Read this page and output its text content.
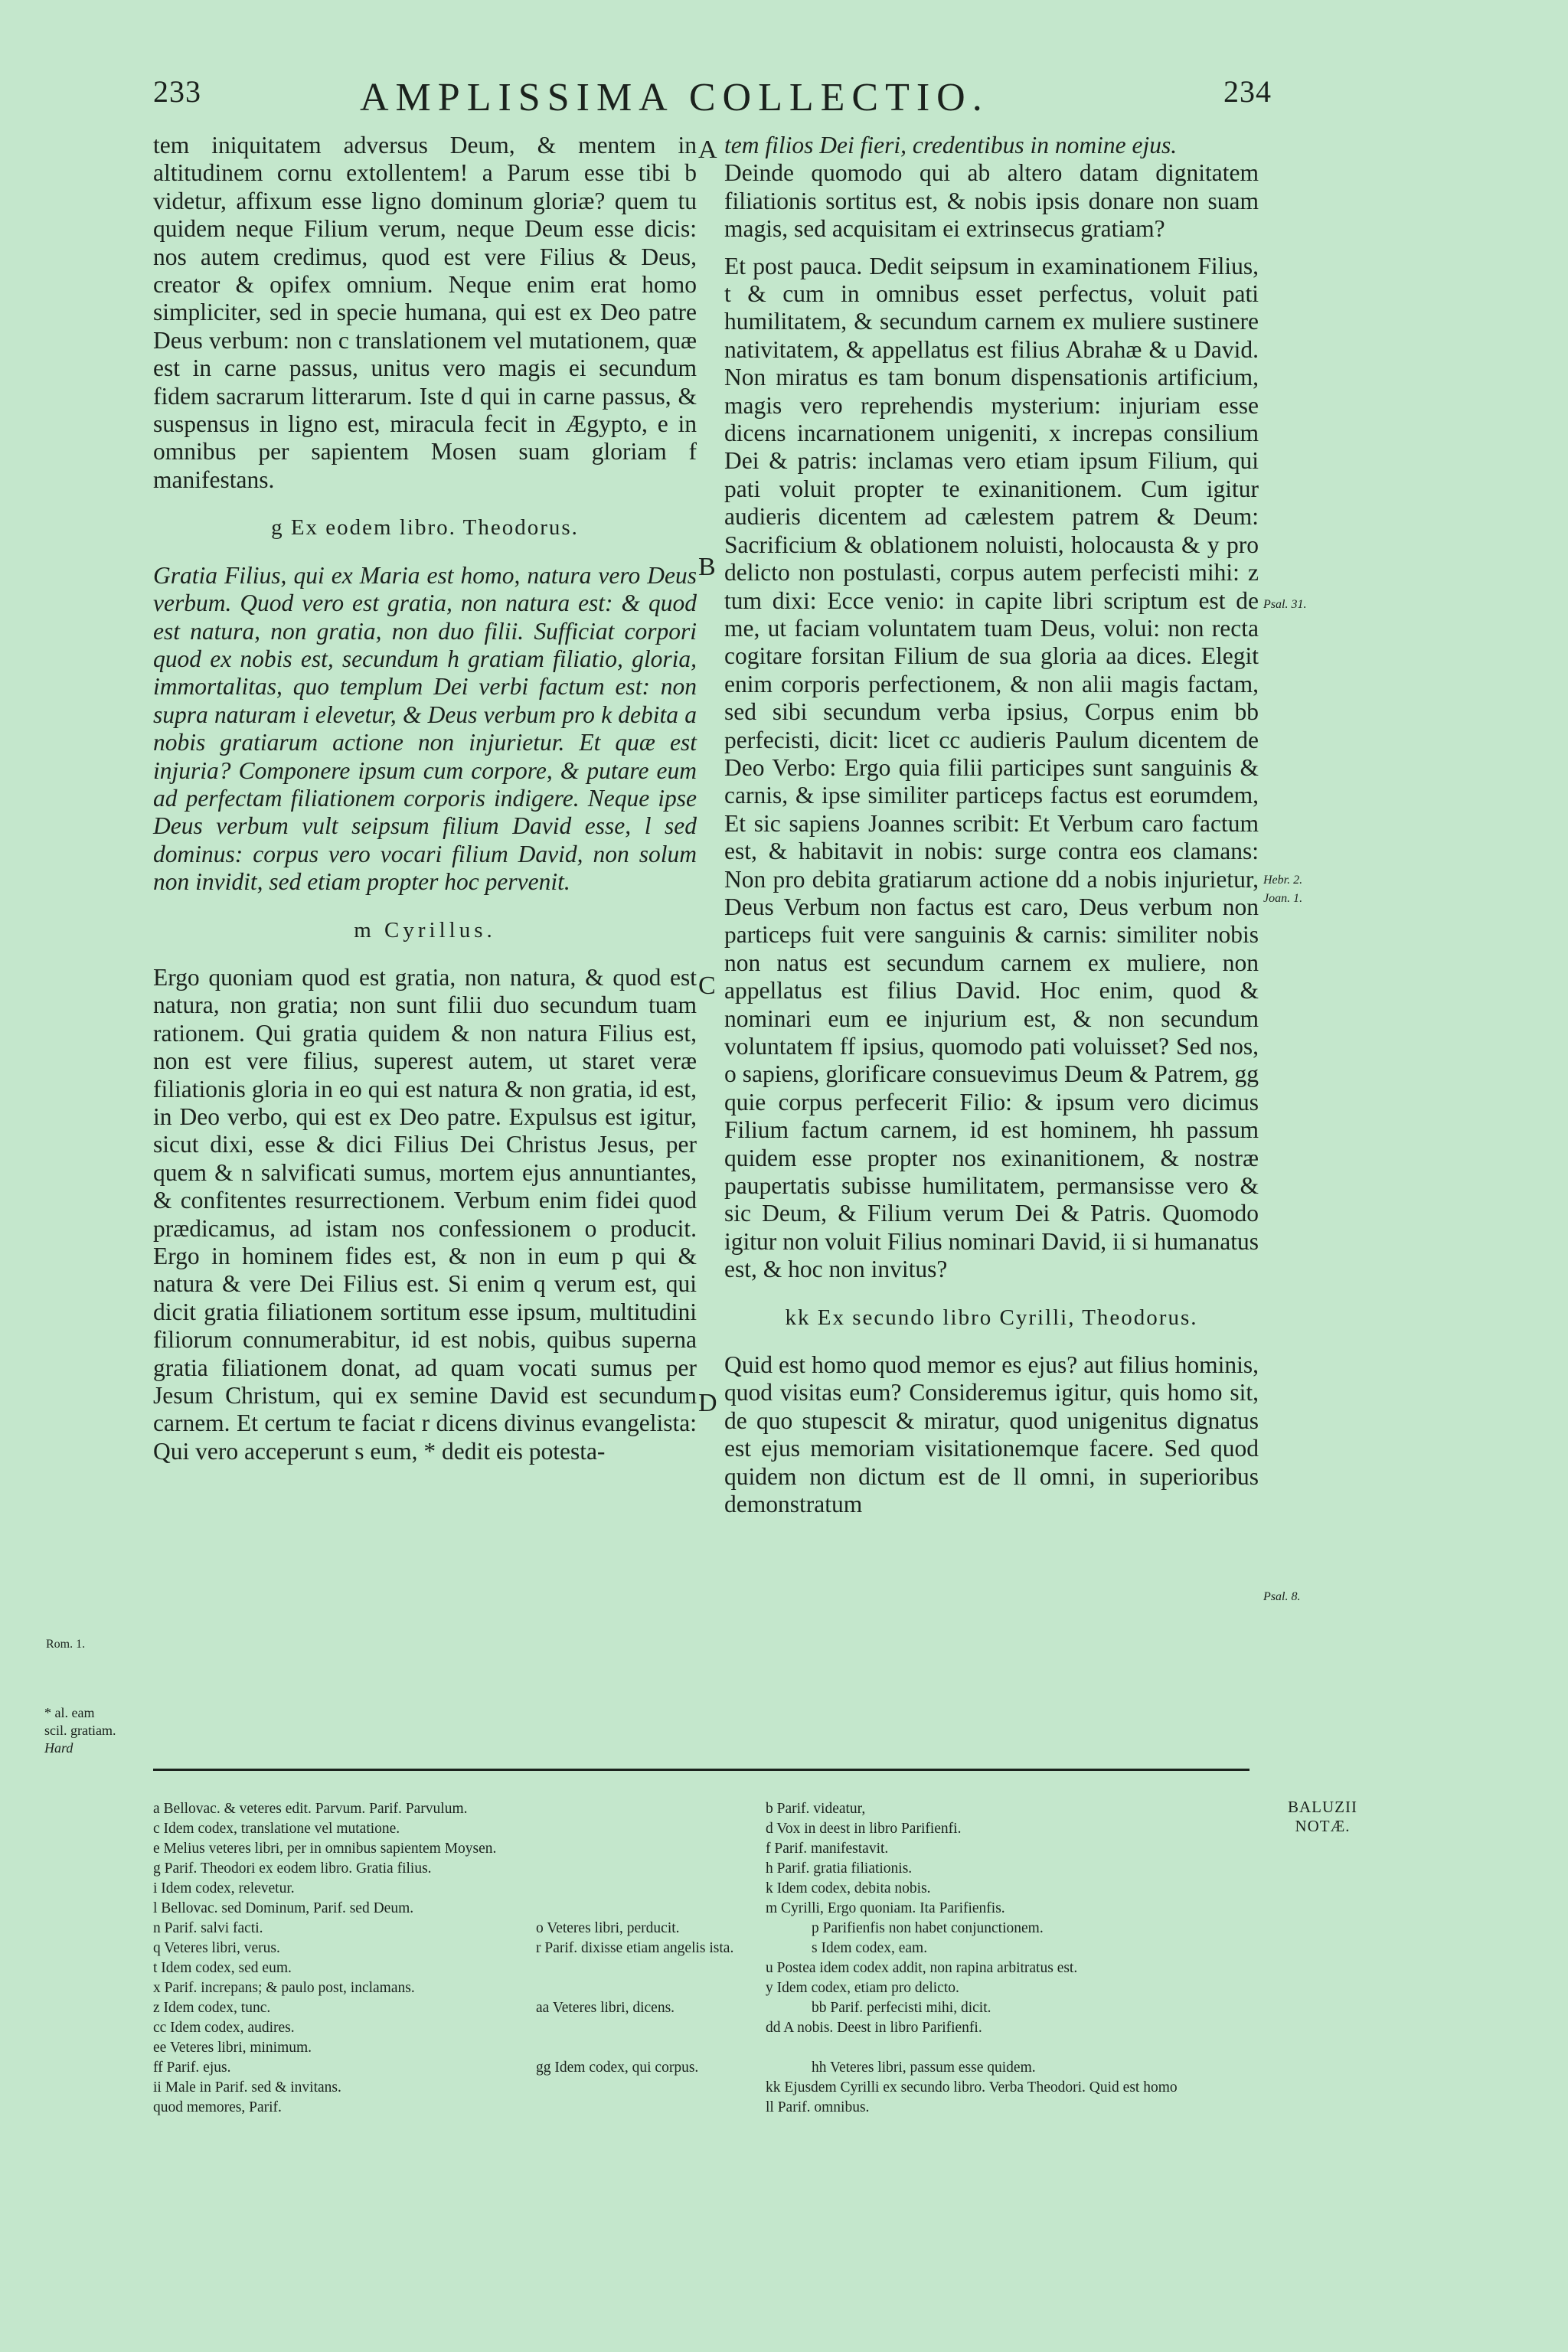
233	AMPLISSIMA COLLECTIO.	234

tem iniquitatem adversus Deum, & mentem in altitudinem cornu extollentem! a Parum esse tibi b videtur, affixum esse ligno dominum gloriæ? quem tu quidem neque Filium verum, neque Deum esse dicis: nos autem credimus, quod est vere Filius & Deus, creator & opifex omnium. Neque enim erat homo simpliciter, sed in specie humana, qui est ex Deo patre Deus verbum: non c translationem vel mutationem, quæ est in carne passus, unitus vero magis ei secundum fidem sacrarum litterarum. Iste d qui in carne passus, & suspensus in ligno est, miracula fecit in Ægypto, e in omnibus per sapientem Mosen suam gloriam f manifestans.

g Ex eodem libro. Theodorus.

Gratia Filius, qui ex Maria est homo, natura vero Deus verbum. Quod vero est gratia, non natura est: & quod est natura, non gratia, non duo filii. Sufficiat corpori quod ex nobis est, secundum h gratiam filiatio, gloria, immortalitas, quo templum Dei verbi factum est: non supra naturam i elevetur, & Deus verbum pro k debita a nobis gratiarum actione non injurietur. Et quæ est injuria? Componere ipsum cum corpore, & putare eum ad perfectam filiationem corporis indigere. Neque ipse Deus verbum vult seipsum filium David esse, l sed dominus: corpus vero vocari filium David, non solum non invidit, sed etiam propter hoc pervenit.

m Cyrillus.

Ergo quoniam quod est gratia, non natura, & quod est natura, non gratia; non sunt filii duo secundum tuam rationem. Qui gratia quidem & non natura Filius est, non est vere filius, superest autem, ut staret veræ filiationis gloria in eo qui est natura & non gratia, id est, in Deo verbo, qui est ex Deo patre. Expulsus est igitur, sicut dixi, esse & dici Filius Dei Christus Jesus, per quem & n salvificati sumus, mortem ejus annuntiantes, & confitentes resurrectionem. Verbum enim fidei quod prædicamus, ad istam nos confessionem o producit. Ergo in hominem fides est, & non in eum p qui & natura & vere Dei Filius est. Si enim q verum est, qui dicit gratia filiationem sortitum esse ipsum, multitudini filiorum connumerabitur, id est nobis, quibus superna gratia filiationem donat, ad quam vocati sumus per Jesum Christum, qui ex semine David est secundum carnem. Et certum te faciat r dicens divinus evangelista: Qui vero acceperunt s eum, * dedit eis potesta-

tem filios Dei fieri, credentibus in nomine ejus.

Deinde quomodo qui ab altero datam dignitatem filiationis sortitus est, & nobis ipsis donare non suam magis, sed acquisitam ei extrinsecus gratiam?

Et post pauca. Dedit seipsum in examinationem Filius, t & cum in omnibus esset perfectus, voluit pati humilitatem, & secundum carnem ex muliere sustinere nativitatem, & appellatus est filius Abrahæ & u David. Non miratus es tam bonum dispensationis artificium, magis vero reprehendis mysterium: injuriam esse dicens incarnationem unigeniti, x increpas consilium Dei & patris: inclamas vero etiam ipsum Filium, qui pati voluit propter te exinanitionem. Cum igitur audieris dicentem ad cælestem patrem & Deum: Sacrificium & oblationem noluisti, holocausta & y pro delicto non postulasti, corpus autem perfecisti mihi: z tum dixi: Ecce venio: in capite libri scriptum est de me, ut faciam voluntatem tuam Deus, volui: non recta cogitare forsitan Filium de sua gloria aa dices. Elegit enim corporis perfectionem, & non alii magis factam, sed sibi secundum verba ipsius, Corpus enim bb perfecisti, dicit: licet cc audieris Paulum dicentem de Deo Verbo: Ergo quia filii participes sunt sanguinis & carnis, & ipse similiter particeps factus est eorumdem, Et sic sapiens Joannes scribit: Et Verbum caro factum est, & habitavit in nobis: surge contra eos clamans: Non pro debita gratiarum actione dd a nobis injurietur, Deus Verbum non factus est caro, Deus verbum non particeps fuit vere sanguinis & carnis: similiter nobis non natus est secundum carnem ex muliere, non appellatus est filius David. Hoc enim, quod & nominari eum ee injurium est, & non secundum voluntatem ff ipsius, quomodo pati voluisset? Sed nos, o sapiens, glorificare consuevimus Deum & Patrem, gg quie corpus perfecerit Filio: & ipsum vero dicimus Filium factum carnem, id est hominem, hh passum quidem esse propter nos exinanitionem, & nostræ paupertatis subisse humilitatem, permansisse vero & sic Deum, & Filium verum Dei & Patris. Quomodo igitur non voluit Filius nominari David, ii si humanatus est, & hoc non invitus?

kk Ex secundo libro Cyrilli, Theodorus.

Quid est homo quod memor es ejus? aut filius hominis, quod visitas eum? Consideremus igitur, quis homo sit, de quo stupescit & miratur, quod unigenitus dignatus est ejus memoriam visitationemque facere. Sed quod quidem non dictum est de ll omni, in superioribus demonstratum

A
B
C
D
Psal. 31.
Hebr. 2.
Joan. 1.
Psal. 8.
Rom. 1.
* al. eam
scil. gratiam.
Hard
a Bellovac. & veteres edit. Parvum. Parif. Parvulum.	b Parif. videatur,
c Idem codex, translatione vel mutatione.	d Vox in deest in libro Parifienfi.
e Melius veteres libri, per in omnibus sapientem Moysen.	f Parif. manifestavit.
g Parif. Theodori ex eodem libro. Gratia filius.	h Parif. gratia filiationis.
i Idem codex, relevetur.	k Idem codex, debita nobis.
l Bellovac. sed Dominum, Parif. sed Deum.	m Cyrilli, Ergo quoniam. Ita Parifienfis.
n Parif. salvi facti.	o Veteres libri, perducit.	p Parifienfis non habet conjunctionem.
q Veteres libri, verus.	r Parif. dixisse etiam angelis ista.	s Idem codex, eam.
t Idem codex, sed eum.	u Postea idem codex addit, non rapina arbitratus est.
x Parif. increpans; & paulo post, inclamans.	y Idem codex, etiam pro delicto.
z Idem codex, tunc.	aa Veteres libri, dicens.	bb Parif. perfecisti mihi, dicit.
cc Idem codex, audires.	dd A nobis. Deest in libro Parifienfi.
ee Veteres libri, minimum.
ff Parif. ejus.	gg Idem codex, qui corpus.	hh Veteres libri, passum esse quidem.
ii Male in Parif. sed & invitans.	kk Ejusdem Cyrilli ex secundo libro. Verba Theodori. Quid est homo
quod memores, Parif.	ll Parif. omnibus.
BALUZII
NOTÆ.
